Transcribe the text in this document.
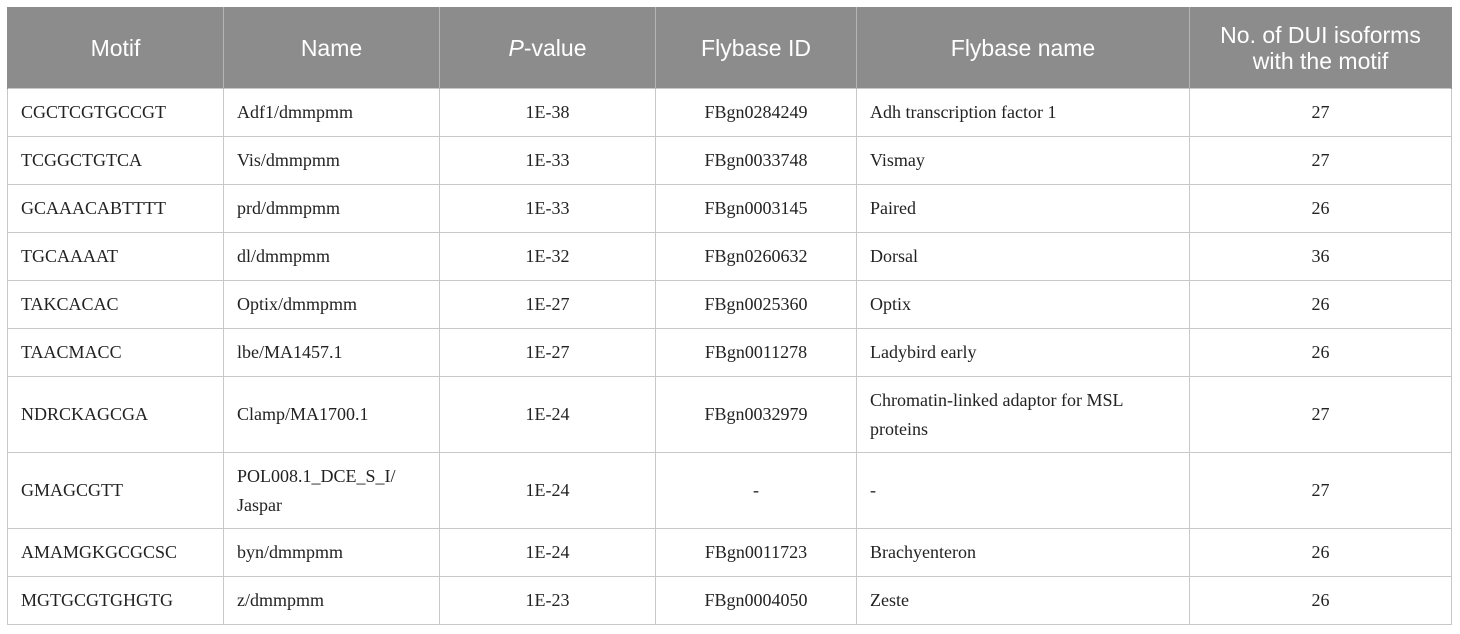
Motif	Name	P-value	Flybase ID	Flybase name	No. of DUI isoforms with the motif
CGCTCGTGCCGT	Adf1/dmmpmm	1E-38	FBgn0284249	Adh transcription factor 1	27
TCGGCTGTCA	Vis/dmmpmm	1E-33	FBgn0033748	Vismay	27
GCAAACABTTTT	prd/dmmpmm	1E-33	FBgn0003145	Paired	26
TGCAAAAT	dl/dmmpmm	1E-32	FBgn0260632	Dorsal	36
TAKCACAC	Optix/dmmpmm	1E-27	FBgn0025360	Optix	26
TAACMACC	lbe/MA1457.1	1E-27	FBgn0011278	Ladybird early	26
NDRCKAGCGA	Clamp/MA1700.1	1E-24	FBgn0032979	Chromatin-linked adaptor for MSL proteins	27
GMAGCGTT	POL008.1_DCE_S_I/ Jaspar	1E-24	-	-	27
AMAMGKGCGCSC	byn/dmmpmm	1E-24	FBgn0011723	Brachyenteron	26
MGTGCGTGHGTG	z/dmmpmm	1E-23	FBgn0004050	Zeste	26
